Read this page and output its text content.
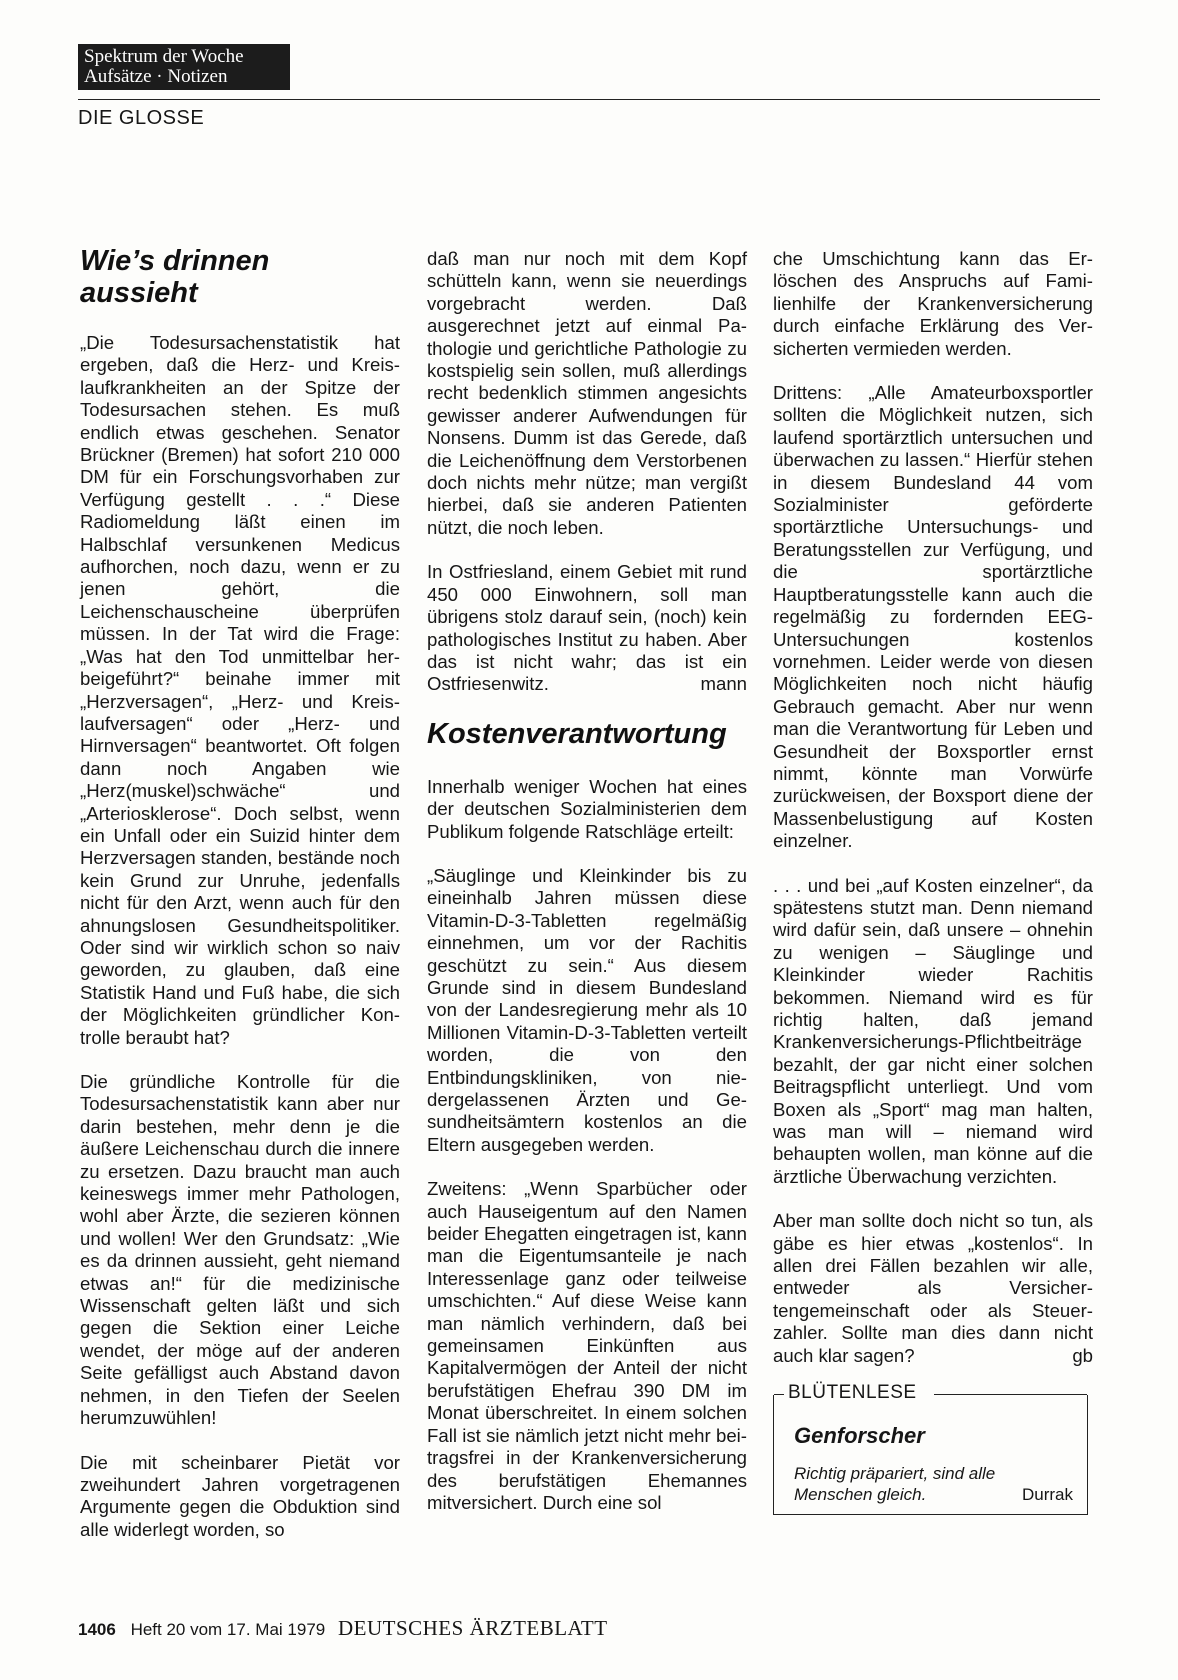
Spektrum der Woche
Aufsätze · Notizen
DIE GLOSSE
Wie’s drinnen aussieht

„Die Todesursachenstatistik hat ergeben, daß die Herz- und Kreislaufkrankheiten an der Spitze der Todesursachen stehen. Es muß endlich etwas geschehen. Senator Brückner (Bremen) hat sofort 210 000 DM für ein Forschungsvorhaben zur Verfügung gestellt . . .“ Diese Radiomeldung läßt einen im Halbschlaf versunkenen Medicus aufhorchen, noch dazu, wenn er zu jenen gehört, die Leichenschauscheine überprüfen müssen. In der Tat wird die Frage: „Was hat den Tod unmittelbar herbeigeführt?“ beinahe immer mit „Herzversagen“, „Herz- und Kreislaufversagen“ oder „Herz- und Hirnversagen“ beantwortet. Oft folgen dann noch Angaben wie „Herz(muskel)schwäche“ und „Arteriosklerose“. Doch selbst, wenn ein Unfall oder ein Suizid hinter dem Herzversagen standen, bestände noch kein Grund zur Unruhe, jedenfalls nicht für den Arzt, wenn auch für den ahnungslosen Gesundheitspolitiker. Oder sind wir wirklich schon so naiv geworden, zu glauben, daß eine Statistik Hand und Fuß habe, die sich der Möglichkeiten gründlicher Kontrolle beraubt hat?

Die gründliche Kontrolle für die Todesursachenstatistik kann aber nur darin bestehen, mehr denn je die äußere Leichenschau durch die innere zu ersetzen. Dazu braucht man auch keineswegs immer mehr Pathologen, wohl aber Ärzte, die sezieren können und wollen! Wer den Grundsatz: „Wie es da drinnen aussieht, geht niemand etwas an!“ für die medizinische Wissenschaft gelten läßt und sich gegen die Sektion einer Leiche wendet, der möge auf der anderen Seite gefälligst auch Abstand davon nehmen, in den Tiefen der Seelen herumzuwühlen!

Die mit scheinbarer Pietät vor zweihundert Jahren vorgetragenen Argumente gegen die Obduktion sind alle widerlegt worden, so

daß man nur noch mit dem Kopf schütteln kann, wenn sie neuerdings vorgebracht werden. Daß ausgerechnet jetzt auf einmal Pathologie und gerichtliche Pathologie zu kostspielig sein sollen, muß allerdings recht bedenklich stimmen angesichts gewisser anderer Aufwendungen für Nonsens. Dumm ist das Gerede, daß die Leichenöffnung dem Verstorbenen doch nichts mehr nütze; man vergißt hierbei, daß sie anderen Patienten nützt, die noch leben.

In Ostfriesland, einem Gebiet mit rund 450 000 Einwohnern, soll man übrigens stolz darauf sein, (noch) kein pathologisches Institut zu haben. Aber das ist nicht wahr; das ist ein Ostfriesenwitz.	mann

Kostenverantwortung

Innerhalb weniger Wochen hat eines der deutschen Sozialministerien dem Publikum folgende Ratschläge erteilt:

„Säuglinge und Kleinkinder bis zu eineinhalb Jahren müssen diese Vitamin-D-3-Tabletten regelmäßig einnehmen, um vor der Rachitis geschützt zu sein.“ Aus diesem Grunde sind in diesem Bundesland von der Landesregierung mehr als 10 Millionen Vitamin-D-3-Tabletten verteilt worden, die von den Entbindungskliniken, von niedergelassenen Ärzten und Gesundheitsämtern kostenlos an die Eltern ausgegeben werden.

Zweitens: „Wenn Sparbücher oder auch Hauseigentum auf den Namen beider Ehegatten eingetragen ist, kann man die Eigentumsanteile je nach Interessenlage ganz oder teilweise umschichten.“ Auf diese Weise kann man nämlich verhindern, daß bei gemeinsamen Einkünften aus Kapitalvermögen der Anteil der nicht berufstätigen Ehefrau 390 DM im Monat überschreitet. In einem solchen Fall ist sie nämlich jetzt nicht mehr beitragsfrei in der Krankenversicherung des berufstätigen Ehemannes mitversichert. Durch eine sol

che Umschichtung kann das Erlöschen des Anspruchs auf Familienhilfe der Krankenversicherung durch einfache Erklärung des Versicherten vermieden werden.

Drittens: „Alle Amateurboxsportler sollten die Möglichkeit nutzen, sich laufend sportärztlich untersuchen und überwachen zu lassen.“ Hierfür stehen in diesem Bundesland 44 vom Sozialminister geförderte sportärztliche Untersuchungs- und Beratungsstellen zur Verfügung, und die sportärztliche Hauptberatungsstelle kann auch die regelmäßig zu fordernden EEG-Untersuchungen kostenlos vornehmen. Leider werde von diesen Möglichkeiten noch nicht häufig Gebrauch gemacht. Aber nur wenn man die Verantwortung für Leben und Gesundheit der Boxsportler ernst nimmt, könnte man Vorwürfe zurückweisen, der Boxsport diene der Massenbelustigung auf Kosten einzelner.

. . . und bei „auf Kosten einzelner“, da spätestens stutzt man. Denn niemand wird dafür sein, daß unsere – ohnehin zu wenigen – Säuglinge und Kleinkinder wieder Rachitis bekommen. Niemand wird es für richtig halten, daß jemand Krankenversicherungs-Pflichtbeiträge bezahlt, der gar nicht einer solchen Beitragspflicht unterliegt. Und vom Boxen als „Sport“ mag man halten, was man will – niemand wird behaupten wollen, man könne auf die ärztliche Überwachung verzichten.

Aber man sollte doch nicht so tun, als gäbe es hier etwas „kostenlos“. In allen drei Fällen bezahlen wir alle, entweder als Versichertengemeinschaft oder als Steuerzahler. Sollte man dies dann nicht auch klar sagen?	gb

BLÜTENLESE
Genforscher

Richtig präpariert, sind alle Menschen gleich.	Durrak

1406 Heft 20 vom 17. Mai 1979 DEUTSCHES ÄRZTEBLATT
